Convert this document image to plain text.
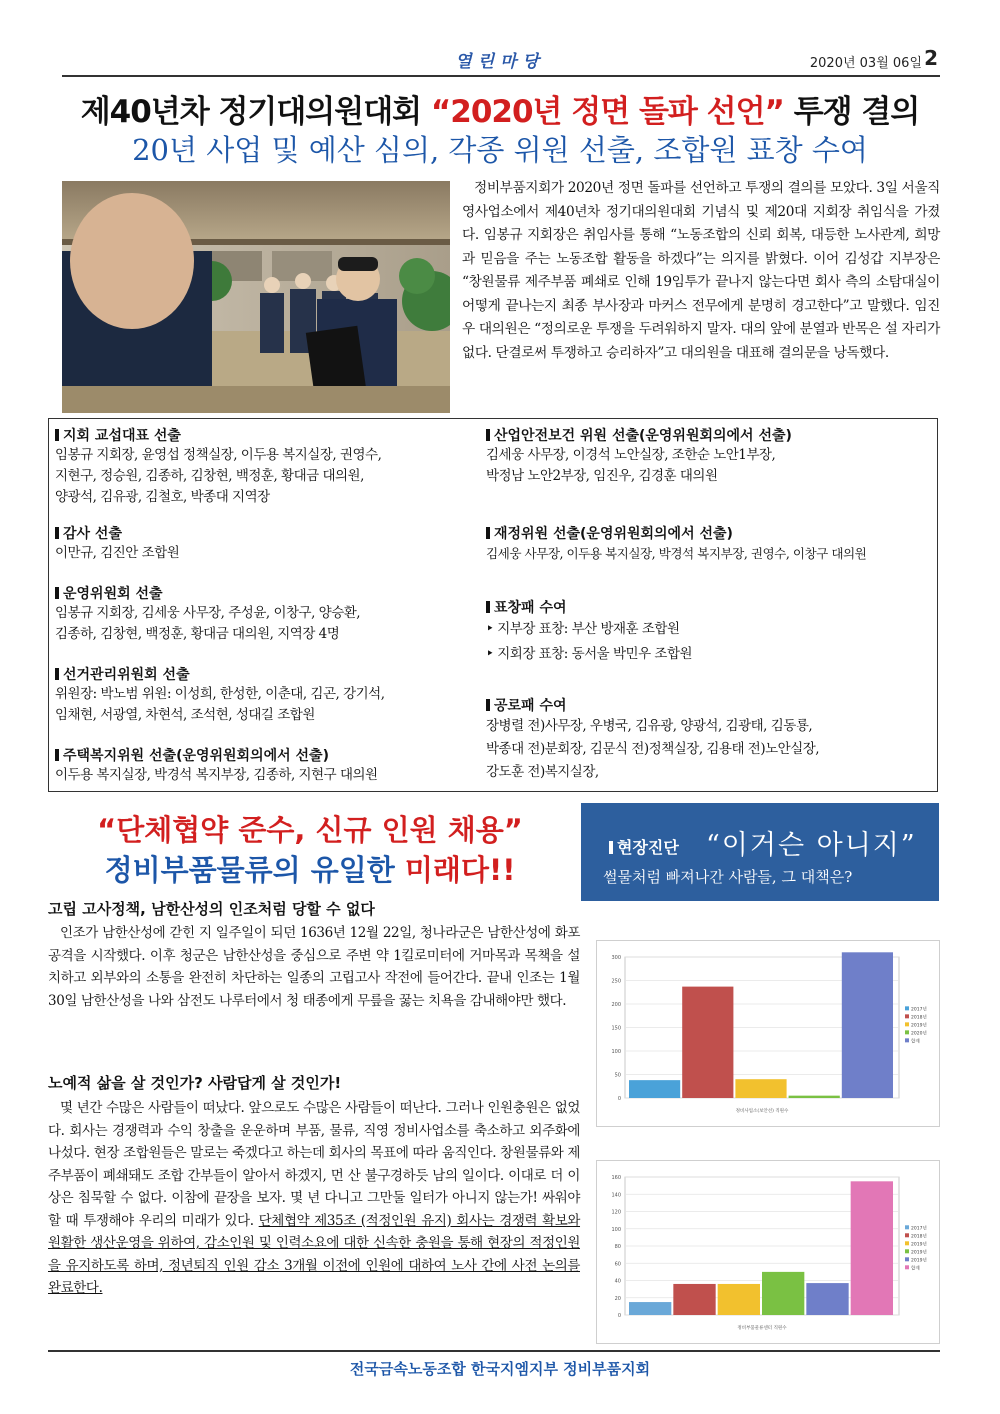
열린마당	2020년 03월 06일 2
제40년차 정기대의원대회 “2020년 정면 돌파 선언” 투쟁 결의
20년 사업 및 예산 심의, 각종 위원 선출, 조합원 표창 수여

정비부품지회가 2020년 정면 돌파를 선언하고 투쟁의 결의를 모았다. 3일 서울직영사업소에서 제40년차 정기대의원대회 기념식 및 제20대 지회장 취임식을 가졌다. 임봉규 지회장은 취임사를 통해 “노동조합의 신뢰 회복, 대등한 노사관계, 희망과 믿음을 주는 노동조합 활동을 하겠다”는 의지를 밝혔다. 이어 김성갑 지부장은 “창원물류 제주부품 폐쇄로 인해 19임투가 끝나지 않는다면 회사 측의 소탐대실이 어떻게 끝나는지 최종 부사장과 마커스 전무에게 분명히 경고한다”고 말했다. 임진우 대의원은 “정의로운 투쟁을 두려워하지 말자. 대의 앞에 분열과 반목은 설 자리가 없다. 단결로써 투쟁하고 승리하자”고 대의원을 대표해 결의문을 낭독했다.

지회 교섭대표 선출
임봉규 지회장, 윤영섭 정책실장, 이두용 복지실장, 권영수,
지현구, 정승원, 김종하, 김창현, 백정훈, 황대금 대의원,
양광석, 김유광, 김철호, 박종대 지역장
감사 선출
이만규, 김진안 조합원
운영위원회 선출
임봉규 지회장, 김세웅 사무장, 주성윤, 이창구, 양승환,
김종하, 김창현, 백정훈, 황대금 대의원, 지역장 4명
선거관리위원회 선출
위원장: 박노범 위원: 이성희, 한성한, 이춘대, 김곤, 강기석,
임채현, 서광열, 차현석, 조석현, 성대길 조합원
주택복지위원 선출(운영위원회의에서 선출)
이두용 복지실장, 박경석 복지부장, 김종하, 지현구 대의원
산업안전보건 위원 선출(운영위원회의에서 선출)
김세웅 사무장, 이경석 노안실장, 조한순 노안1부장,
박정남 노안2부장, 임진우, 김경훈 대의원
재정위원 선출(운영위원회의에서 선출)
김세웅 사무장, 이두용 복지실장, 박경석 복지부장, 권영수, 이창구 대의원
표창패 수여
‣ 지부장 표창: 부산 방재훈 조합원
‣ 지회장 표창: 동서울 박민우 조합원
공로패 수여
장병렬 전)사무장, 우병국, 김유광, 양광석, 김광태, 김동룡,
박종대 전)분회장, 김문식 전)정책실장, 김용태 전)노안실장,
강도훈 전)복지실장,
“단체협약 준수, 신규 인원 채용”
정비부품물류의 유일한 미래다!!
현장진단 “이거슨 아니지”
썰물처럼 빠져나간 사람들, 그 대책은?
고립 고사정책, 남한산성의 인조처럼 당할 수 없다

인조가 남한산성에 갇힌 지 일주일이 되던 1636년 12월 22일, 청나라군은 남한산성에 화포 공격을 시작했다. 이후 청군은 남한산성을 중심으로 주변 약 1킬로미터에 거마목과 목책을 설치하고 외부와의 소통을 완전히 차단하는 일종의 고립고사 작전에 들어간다. 끝내 인조는 1월 30일 남한산성을 나와 삼전도 나루터에서 청 태종에게 무릎을 꿇는 치욕을 감내해야만 했다.

노예적 삶을 살 것인가? 사람답게 살 것인가!

몇 년간 수많은 사람들이 떠났다. 앞으로도 수많은 사람들이 떠난다. 그러나 인원충원은 없었다. 회사는 경쟁력과 수익 창출을 운운하며 부품, 물류, 직영 정비사업소를 축소하고 외주화에 나섰다. 현장 조합원들은 말로는 죽겠다고 하는데 회사의 목표에 따라 움직인다. 창원물류와 제주부품이 폐쇄돼도 조합 간부들이 알아서 하겠지, 먼 산 불구경하듯 남의 일이다. 이대로 더 이상은 침묵할 수 없다. 이참에 끝장을 보자. 몇 년 다니고 그만둘 일터가 아니지 않는가! 싸워야 할 때 투쟁해야 우리의 미래가 있다. 단체협약 제35조 (적정인원 유지) 회사는 경쟁력 확보와 원활한 생산운영을 위하여, 감소인원 및 인력소요에 대한 신속한 충원을 통해 현장의 적정인원을 유지하도록 하며, 정년퇴직 인원 감소 3개월 이전에 인원에 대하여 노사 간에 사전 논의를 완료한다.

0
50
100
150
200
250
300
2017년
2018년
2019년
2020년
합계
정비사업소(보안선) 직원수
0
20
40
60
80
100
120
140
160
2017년
2018년
2019년
2019년
2019년
합계
정비부품물류센터 직원수
전국금속노동조합 한국지엠지부 정비부품지회
